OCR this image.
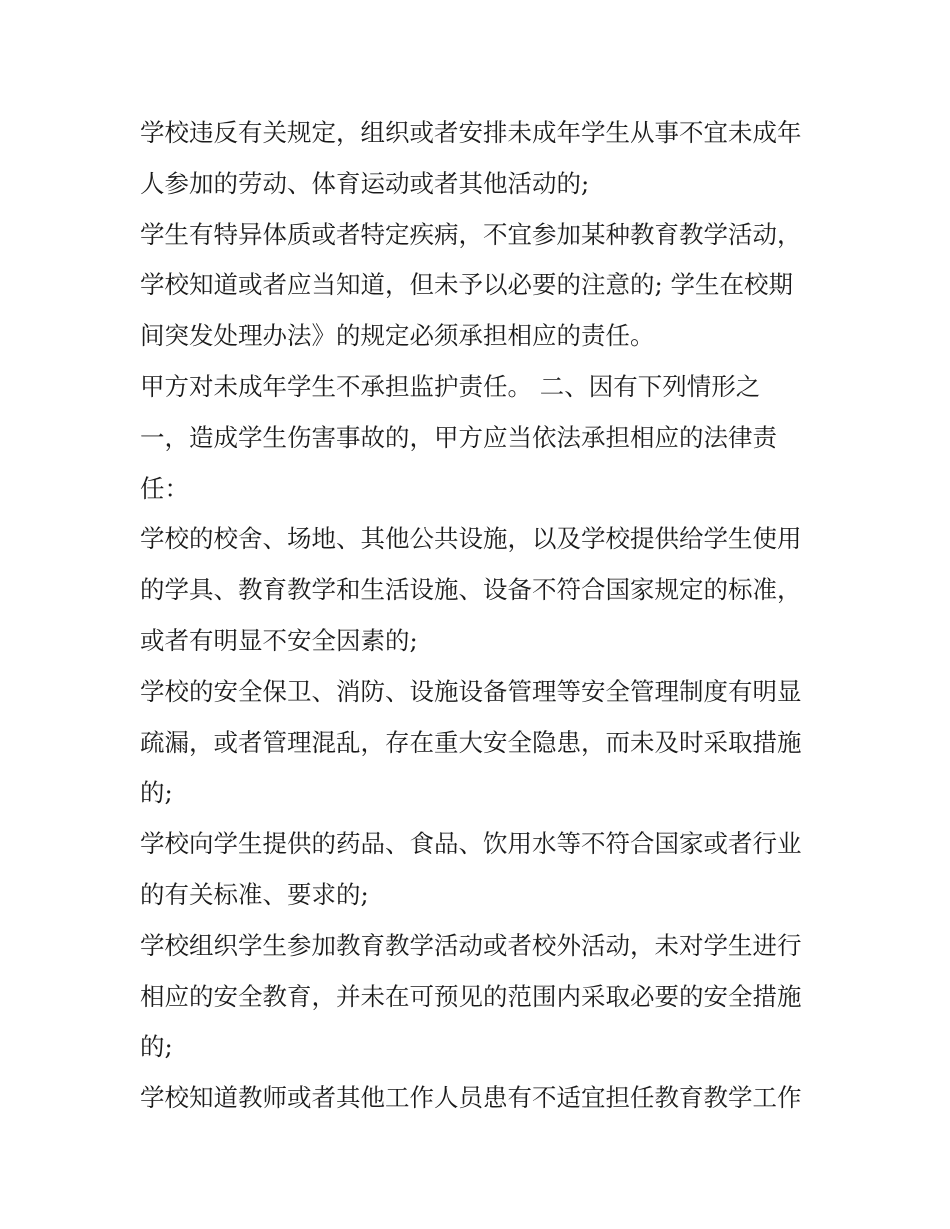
学校违反有关规定，组织或者安排未成年学生从事不宜未成年
人参加的劳动、体育运动或者其他活动的;
学生有特异体质或者特定疾病，不宜参加某种教育教学活动，
学校知道或者应当知道，但未予以必要的注意的; 学生在校期
间突发处理办法》的规定必须承担相应的责任。
甲方对未成年学生不承担监护责任。 二、因有下列情形之
一，造成学生伤害事故的，甲方应当依法承担相应的法律责
任：
学校的校舍、场地、其他公共设施，以及学校提供给学生使用
的学具、教育教学和生活设施、设备不符合国家规定的标准，
或者有明显不安全因素的;
学校的安全保卫、消防、设施设备管理等安全管理制度有明显
疏漏，或者管理混乱，存在重大安全隐患，而未及时采取措施
的;
学校向学生提供的药品、食品、饮用水等不符合国家或者行业
的有关标准、要求的;
学校组织学生参加教育教学活动或者校外活动，未对学生进行
相应的安全教育，并未在可预见的范围内采取必要的安全措施
的;
学校知道教师或者其他工作人员患有不适宜担任教育教学工作
